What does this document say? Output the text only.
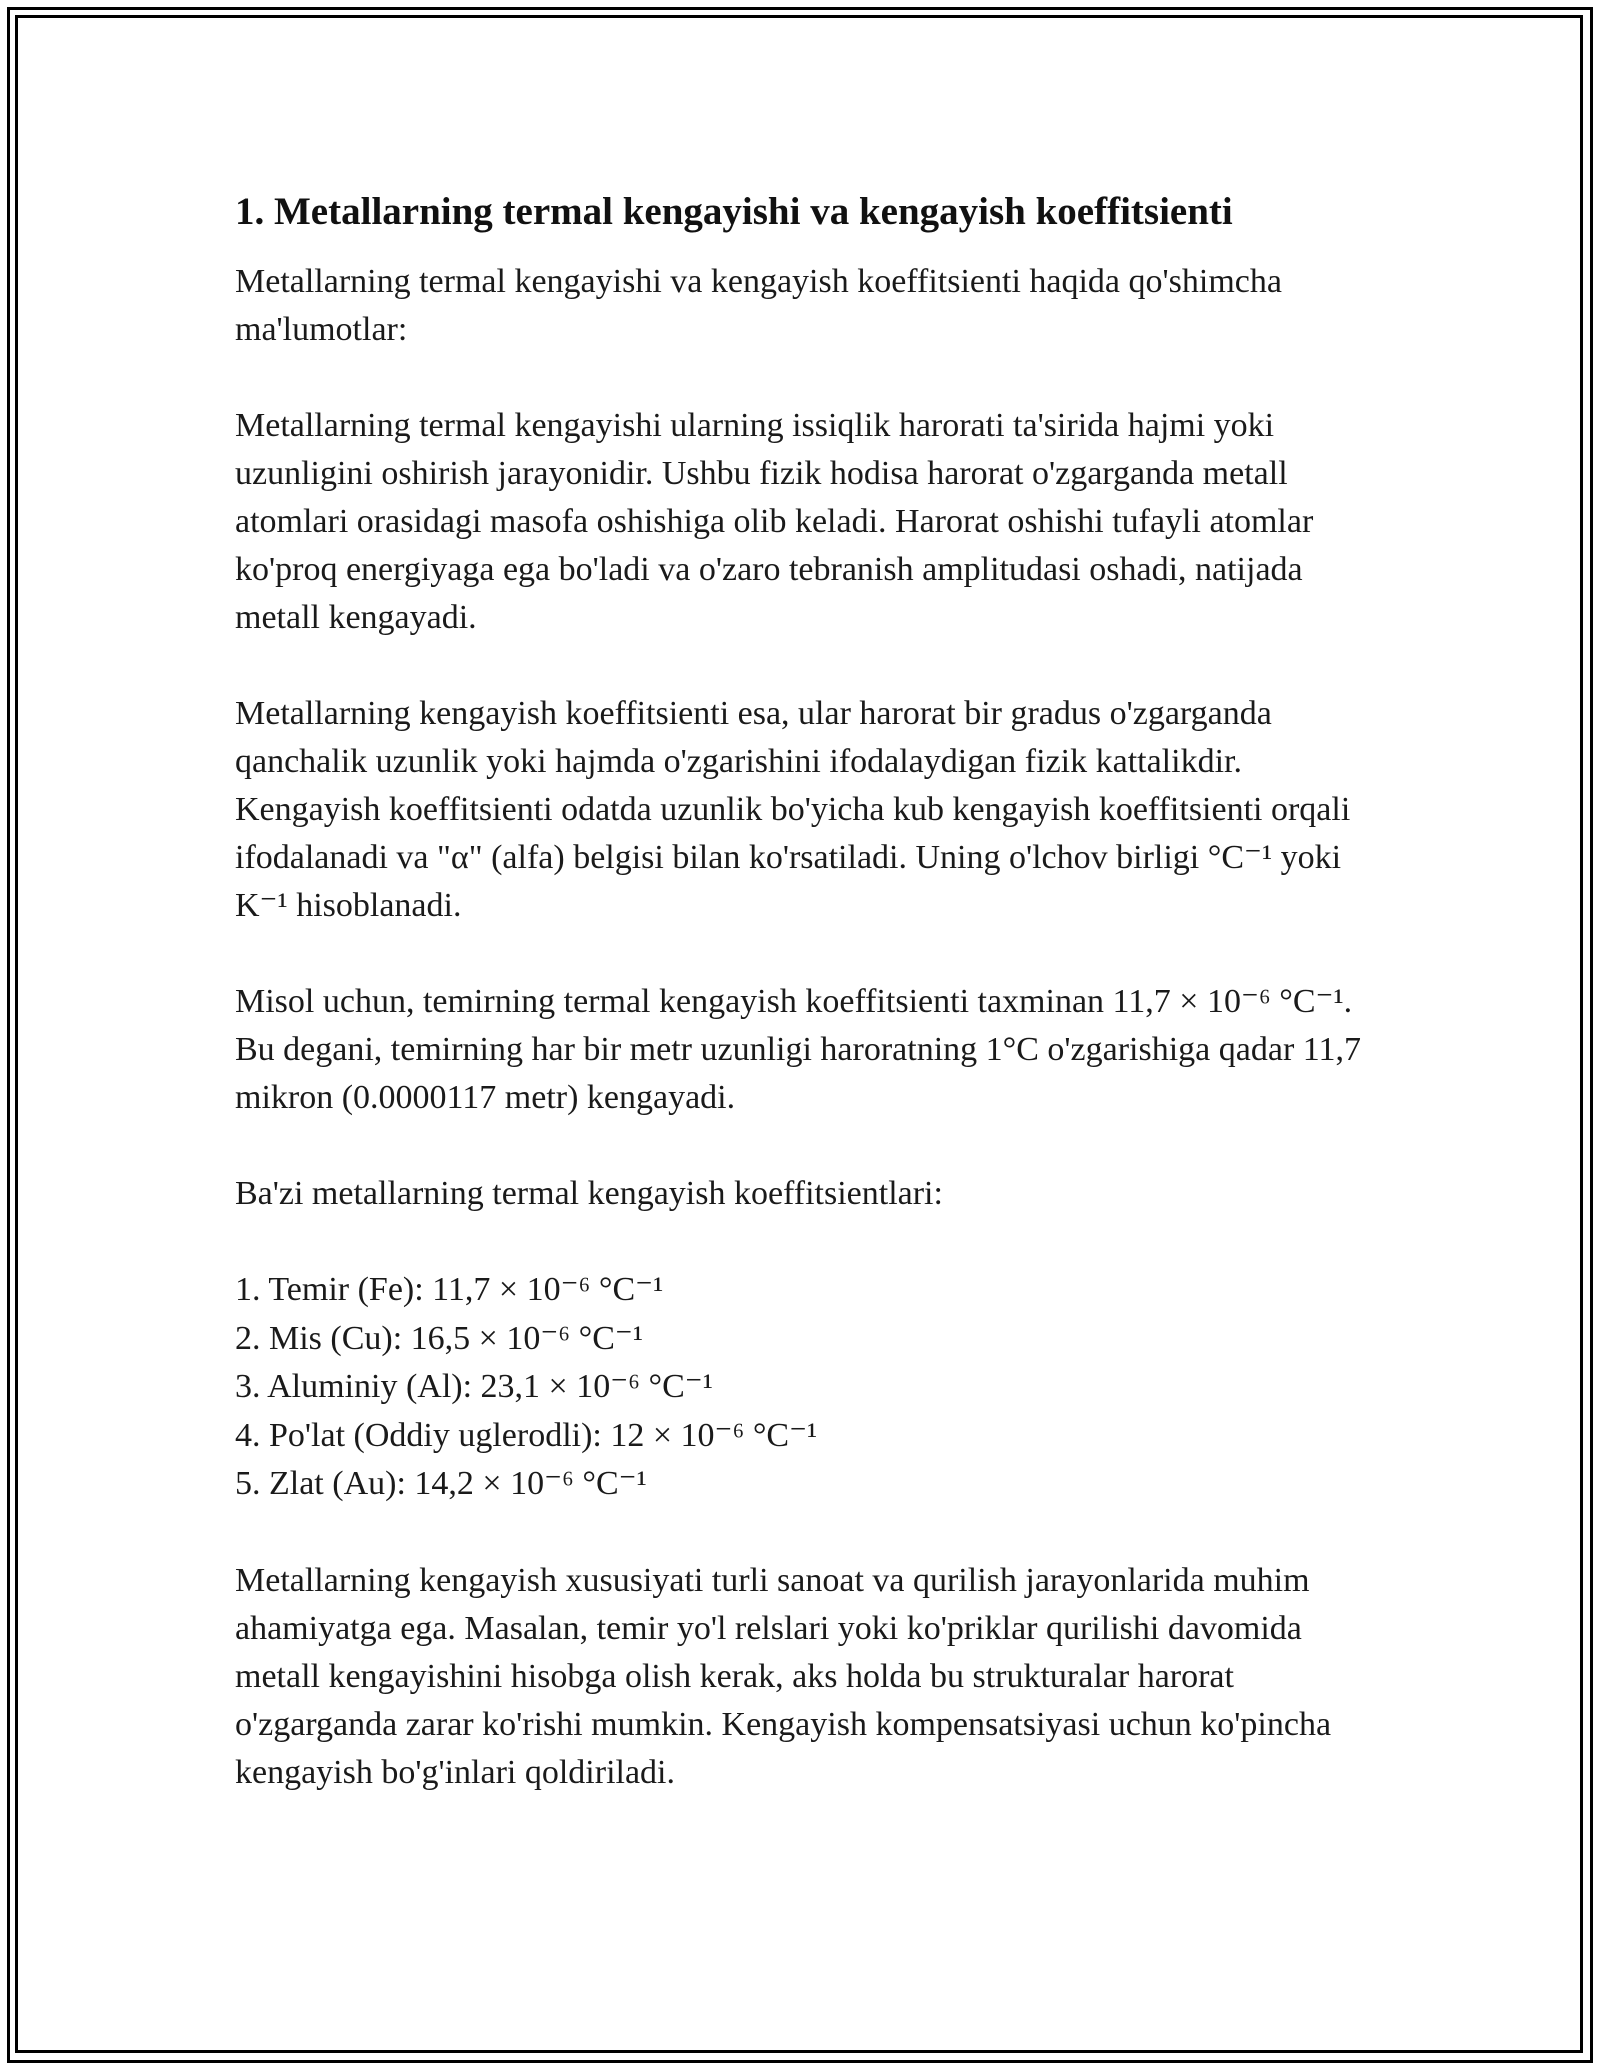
1. Metallarning termal kengayishi va kengayish koeffitsienti

Metallarning termal kengayishi va kengayish koeffitsienti haqida qo'shimcha ma'lumotlar:

Metallarning termal kengayishi ularning issiqlik harorati ta'sirida hajmi yoki uzunligini oshirish jarayonidir. Ushbu fizik hodisa harorat o'zgarganda metall atomlari orasidagi masofa oshishiga olib keladi. Harorat oshishi tufayli atomlar ko'proq energiyaga ega bo'ladi va o'zaro tebranish amplitudasi oshadi, natijada metall kengayadi.

Metallarning kengayish koeffitsienti esa, ular harorat bir gradus o'zgarganda qanchalik uzunlik yoki hajmda o'zgarishini ifodalaydigan fizik kattalikdir. Kengayish koeffitsienti odatda uzunlik bo'yicha kub kengayish koeffitsienti orqali ifodalanadi va "α" (alfa) belgisi bilan ko'rsatiladi. Uning o'lchov birligi °C⁻¹ yoki K⁻¹ hisoblanadi.

Misol uchun, temirning termal kengayish koeffitsienti taxminan 11,7 × 10⁻⁶ °C⁻¹. Bu degani, temirning har bir metr uzunligi haroratning 1°C o'zgarishiga qadar 11,7 mikron (0.0000117 metr) kengayadi.

Ba'zi metallarning termal kengayish koeffitsientlari:

1. Temir (Fe): 11,7 × 10⁻⁶ °C⁻¹
2. Mis (Cu): 16,5 × 10⁻⁶ °C⁻¹
3. Aluminiy (Al): 23,1 × 10⁻⁶ °C⁻¹
4. Po'lat (Oddiy uglerodli): 12 × 10⁻⁶ °C⁻¹
5. Zlat (Au): 14,2 × 10⁻⁶ °C⁻¹

Metallarning kengayish xususiyati turli sanoat va qurilish jarayonlarida muhim ahamiyatga ega. Masalan, temir yo'l relslari yoki ko'priklar qurilishi davomida metall kengayishini hisobga olish kerak, aks holda bu strukturalar harorat o'zgarganda zarar ko'rishi mumkin. Kengayish kompensatsiyasi uchun ko'pincha kengayish bo'g'inlari qoldiriladi.
